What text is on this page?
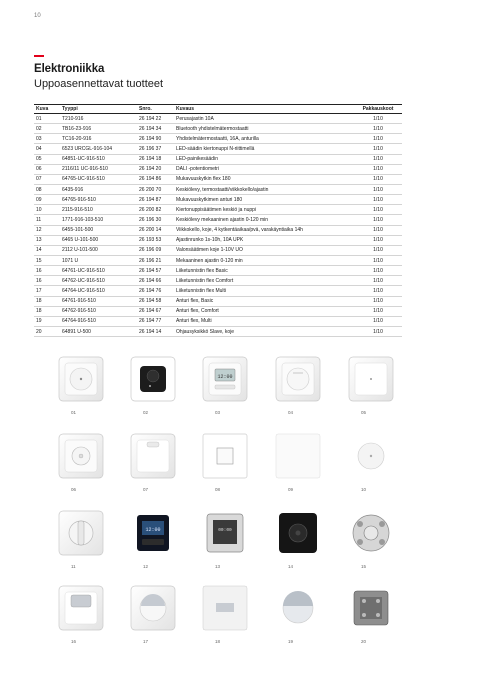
10
Elektroniikka
Uppoasennettavat tuotteet
Kuva	Tyyppi	Snro.	Kuvaus	Pakkauskoot
01	T210-916	26 194 22	Perusajastin 10A	1/10
02	TB16-23-916	26 194 34	Bluetooth yhdistelmätermostaatti	1/10
03	TC16-20-916	26 194 90	Yhdistelmätermostaatti, 16A, anturilla	1/10
04	6523 URCGL-916-104	26 196 37	LED-säädin kiertonuppi N-riittimellä	1/10
05	64851-UC-916-510	26 194 18	LED-painikesäädin	1/10
06	2116/11 UC-916-510	26 194 20	DALI -potentiometri	1/10
07	64765-UC-916-510	26 194 86	Mukavuuskytkin flex 180	1/10
08	6435-916	26 200 70	Keskiölevy, termostaatti/viikkokello/ajastin	1/10
09	64765-916-510	26 194 87	Mukavuuskytkimen anturi 180	1/10
10	2115-916-510	26 200 82	Kiertonuppisäätimen keskiö ja nuppi	1/10
11	1771-916-103-510	26 196 30	Keskiölevy mekaaninen ajastin 0-120 min	1/10
12	6455-101-500	26 200 14	Viikkokello, koje, 4 kytkentäaikaa/pvä, varakäyntiaika 14h	1/10
13	6465 U-101-500	26 193 53	Ajastinrunko 1s-10h, 10A UPK	1/10
14	2112 U-101-500	26 196 09	Valonsäätimen koje 1-10V UO	1/10
15	1071 U	26 196 21	Mekaaninen ajastin 0-120 min	1/10
16	64761-UC-916-510	26 194 57	Liiketunnistin flex Basic	1/10
16	64762-UC-916-510	26 194 66	Liiketunnistin flex Comfort	1/10
17	64764-UC-916-510	26 194 76	Liiketunnistin flex Multi	1/10
18	64761-916-510	26 194 58	Anturi flex, Basic	1/10
18	64762-916-510	26 194 67	Anturi flex, Comfort	1/10
19	64764-916-510	26 194 77	Anturi flex, Multi	1/10
20	64891 U-500	26 194 14	Ohjausyksikkö Slave, koje	1/10
01	02
12:00
03	04	05
06	07	08	09	10
11
12:00
12
00:00
13	14	15
16	17	18	19	20
